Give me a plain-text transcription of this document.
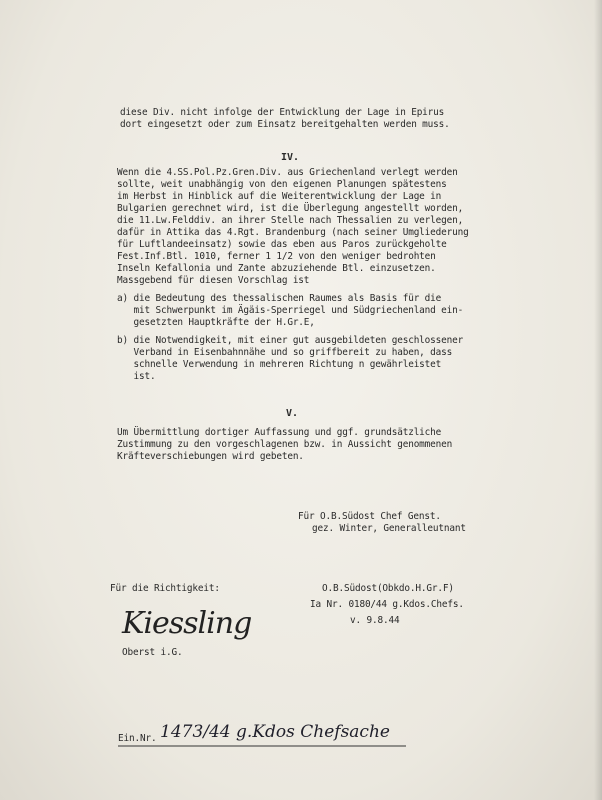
diese Div. nicht infolge der Entwicklung der Lage in Epirus
dort eingesetzt oder zum Einsatz bereitgehalten werden muss.
IV.
Wenn die 4.SS.Pol.Pz.Gren.Div. aus Griechenland verlegt werden
sollte, weit unabhängig von den eigenen Planungen spätestens
im Herbst in Hinblick auf die Weiterentwicklung der Lage in
Bulgarien gerechnet wird, ist die Überlegung angestellt worden,
die 11.Lw.Felddiv. an ihrer Stelle nach Thessalien zu verlegen,
dafür in Attika das 4.Rgt. Brandenburg (nach seiner Umgliederung
für Luftlandeeinsatz) sowie das eben aus Paros zurückgeholte
Fest.Inf.Btl. 1010, ferner 1 1/2 von den weniger bedrohten
Inseln Kefallonia und Zante abzuziehende Btl. einzusetzen.
Massgebend für diesen Vorschlag ist
a) die Bedeutung des thessalischen Raumes als Basis für die
mit Schwerpunkt im Ägäis-Sperriegel und Südgriechenland ein-
gesetzten Hauptkräfte der H.Gr.E,
b) die Notwendigkeit, mit einer gut ausgebildeten geschlossener
Verband in Eisenbahnnähe und so griffbereit zu haben, dass
schnelle Verwendung in mehreren Richtung n gewährleistet
ist.
V.
Um Übermittlung dortiger Auffassung und ggf. grundsätzliche
Zustimmung zu den vorgeschlagenen bzw. in Aussicht genommenen
Kräfteverschiebungen wird gebeten.
Für O.B.Südost Chef Genst.
gez. Winter, Generalleutnant
Für die Richtigkeit:
Kiessling
Oberst i.G.
O.B.Südost(Obkdo.H.Gr.F)
Ia Nr. 0180/44 g.Kdos.Chefs.
v. 9.8.44
Ein.Nr. 1473/44 g.Kdos Chefsache
